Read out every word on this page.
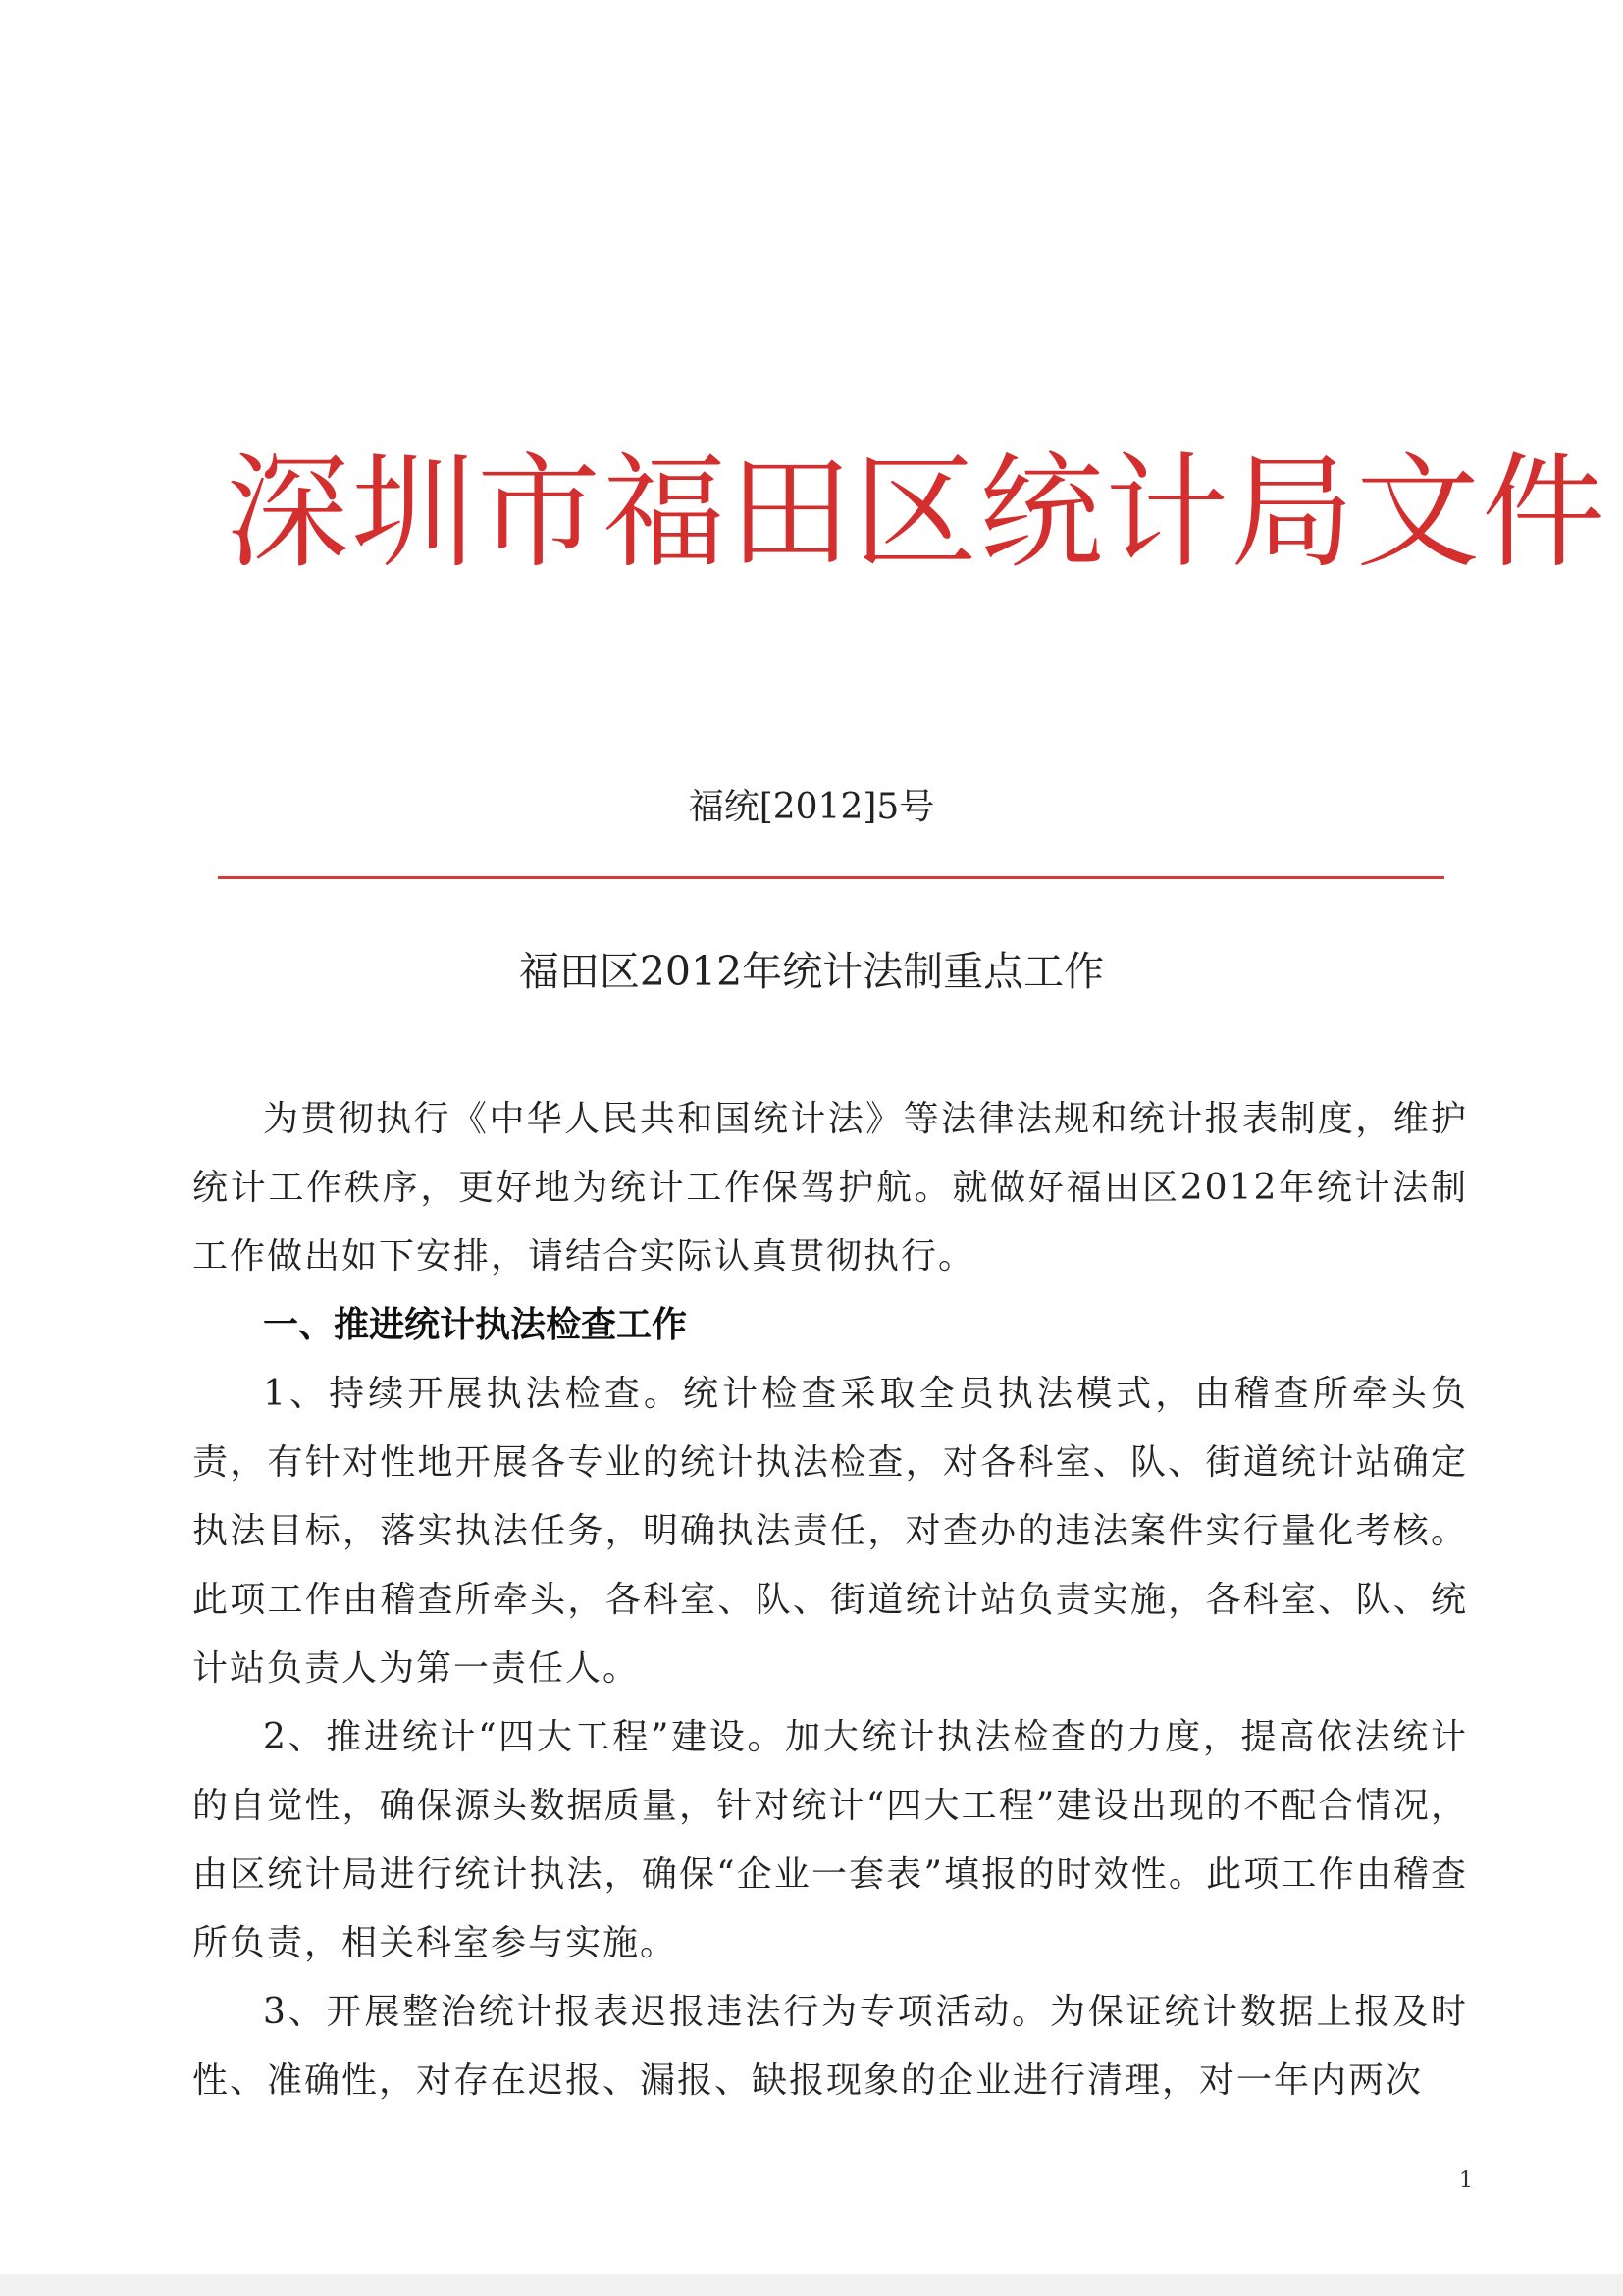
深圳市福田区统计局文件
福统[2012]5号
福田区2012年统计法制重点工作

为贯彻执行《中华人民共和国统计法》等法律法规和统计报表制度，维护统计工作秩序，更好地为统计工作保驾护航。就做好福田区2012年统计法制工作做出如下安排，请结合实际认真贯彻执行。

一、推进统计执法检查工作

1、持续开展执法检查。统计检查采取全员执法模式，由稽查所牵头负责，有针对性地开展各专业的统计执法检查，对各科室、队、街道统计站确定执法目标，落实执法任务，明确执法责任，对查办的违法案件实行量化考核。此项工作由稽查所牵头，各科室、队、街道统计站负责实施，各科室、队、统计站负责人为第一责任人。

2、推进统计“四大工程”建设。加大统计执法检查的力度，提高依法统计的自觉性，确保源头数据质量，针对统计“四大工程”建设出现的不配合情况，由区统计局进行统计执法，确保“企业一套表”填报的时效性。此项工作由稽查所负责，相关科室参与实施。

3、开展整治统计报表迟报违法行为专项活动。为保证统计数据上报及时性、准确性，对存在迟报、漏报、缺报现象的企业进行清理，对一年内两次

1
